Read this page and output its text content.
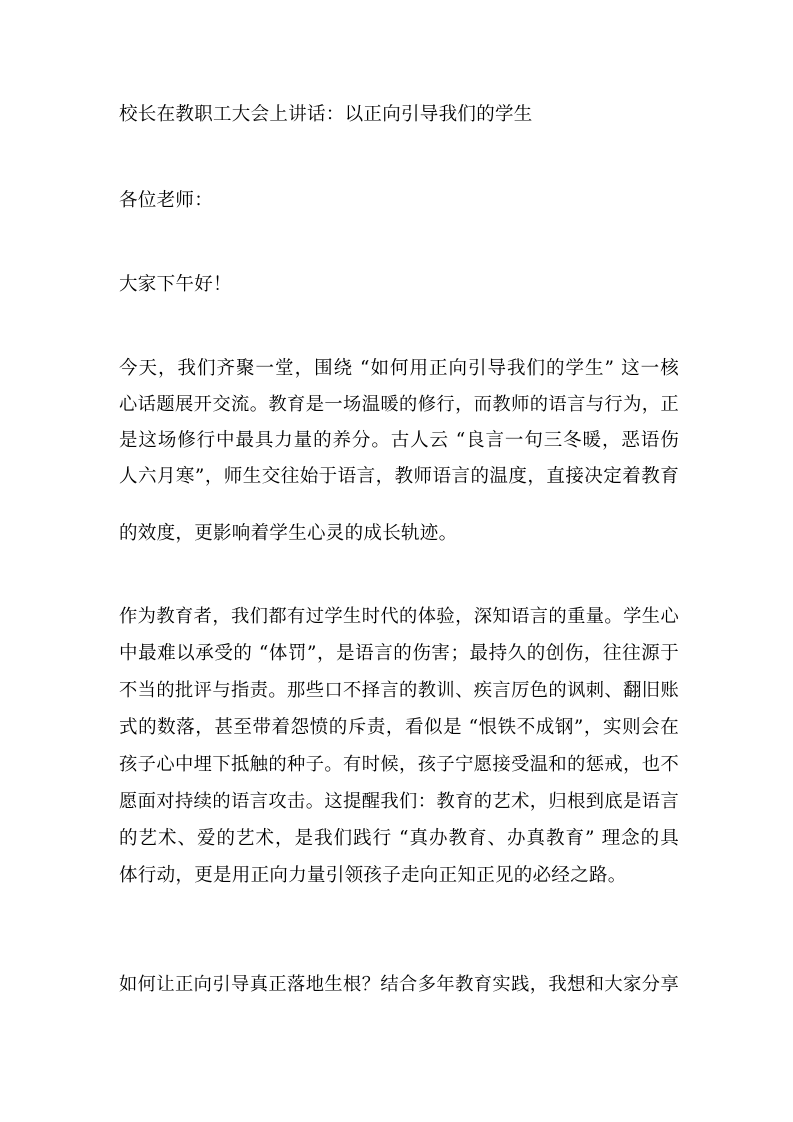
校长在教职工大会上讲话：以正向引导我们的学生
各位老师：
大家下午好！
今天，我们齐聚一堂，围绕 “如何用正向引导我们的学生” 这一核
心话题展开交流。教育是一场温暖的修行，而教师的语言与行为，正
是这场修行中最具力量的养分。古人云 “良言一句三冬暖，恶语伤
人六月寒”，师生交往始于语言，教师语言的温度，直接决定着教育
的效度，更影响着学生心灵的成长轨迹。
作为教育者，我们都有过学生时代的体验，深知语言的重量。学生心
中最难以承受的 “体罚”，是语言的伤害；最持久的创伤，往往源于
不当的批评与指责。那些口不择言的教训、疾言厉色的讽刺、翻旧账
式的数落，甚至带着怨愤的斥责，看似是 “恨铁不成钢”，实则会在
孩子心中埋下抵触的种子。有时候，孩子宁愿接受温和的惩戒，也不
愿面对持续的语言攻击。这提醒我们：教育的艺术，归根到底是语言
的艺术、爱的艺术，是我们践行 “真办教育、办真教育” 理念的具
体行动，更是用正向力量引领孩子走向正知正见的必经之路。
如何让正向引导真正落地生根？结合多年教育实践，我想和大家分享
